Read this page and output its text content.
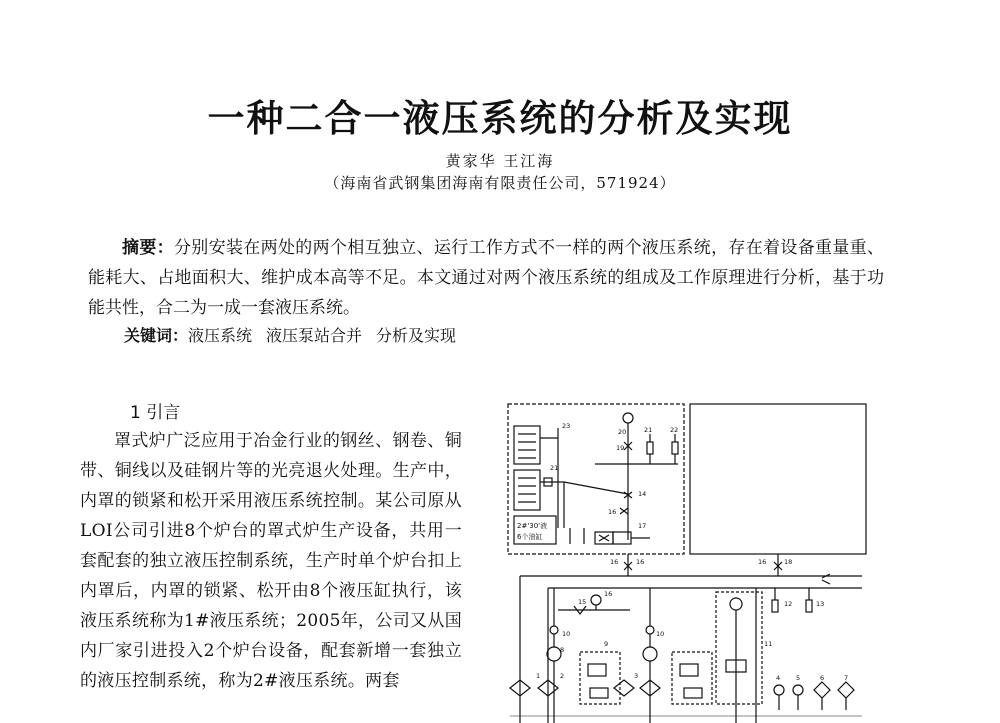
一种二合一液压系统的分析及实现
黄家华 王江海
（海南省武钢集团海南有限责任公司，571924）

摘要：分别安装在两处的两个相互独立、运行工作方式不一样的两个液压系统，存在着设备重量重、能耗大、占地面积大、维护成本高等不足。本文通过对两个液压系统的组成及工作原理进行分析，基于功能共性，合二为一成一套液压系统。

关键词：液压系统 液压泵站合并 分析及实现

1 引言

罩式炉广泛应用于冶金行业的钢丝、钢卷、铜带、铜线以及硅钢片等的光亮退火处理。生产中，内罩的锁紧和松开采用液压系统控制。某公司原从LOI公司引进8个炉台的罩式炉生产设备，共用一套配套的独立液压控制系统，生产时单个炉台扣上内罩后，内罩的锁紧、松开由8个液压缸执行，该液压系统称为1#液压系统；2005年，公司又从国内厂家引进投入2个炉台设备，配套新增一套独立的液压控制系统，称为2#液压系统。两套

2#'30'液
6个油缸
23
21
20	21	22
19
14
16
17
16	16	16	18
16
15
10	10
8
9	11
12	13
1	2	3	4 5	6	7
